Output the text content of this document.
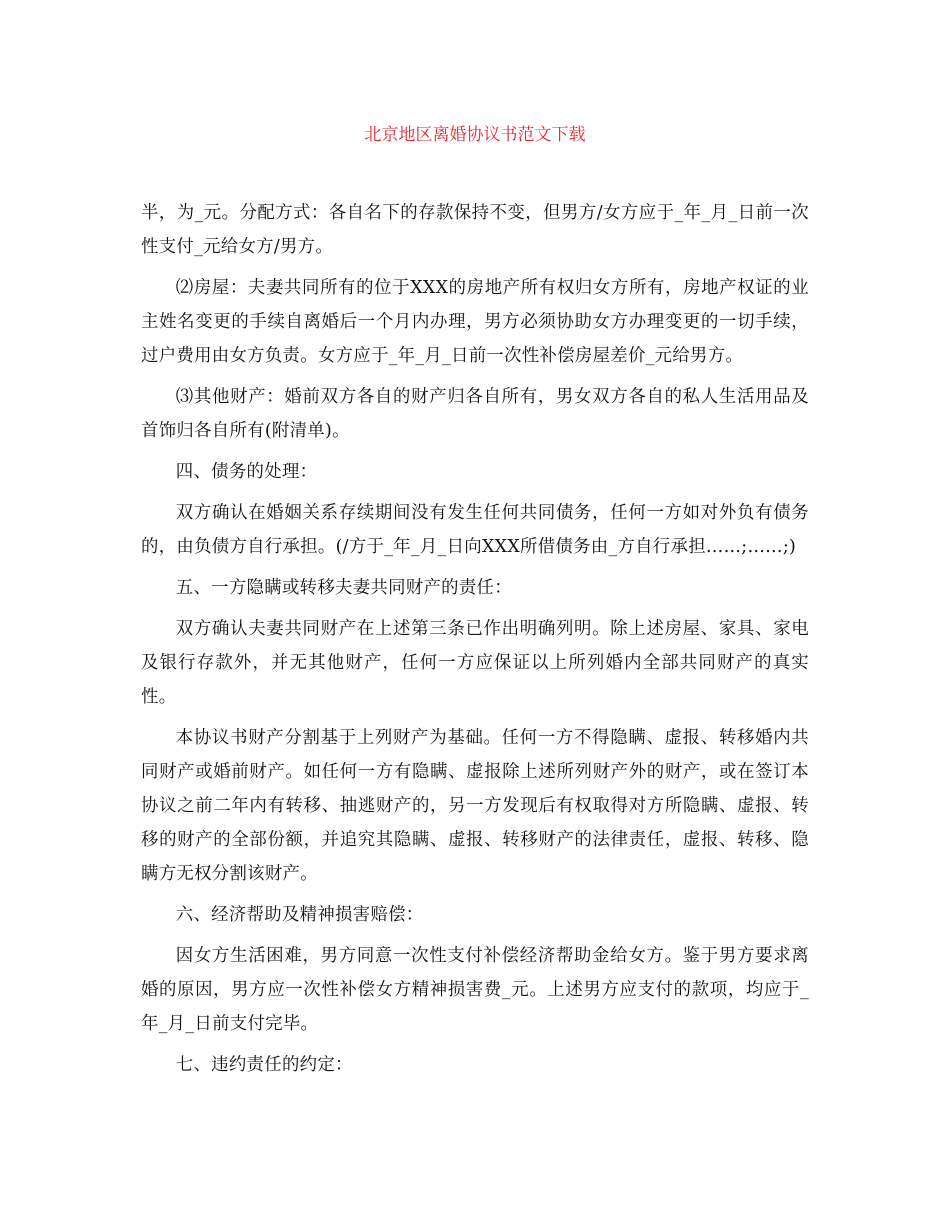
北京地区离婚协议书范文下载

半，为_元。分配方式：各自名下的存款保持不变，但男方/女方应于_年_月_日前一次性支付_元给女方/男方。

⑵房屋：夫妻共同所有的位于XXX的房地产所有权归女方所有，房地产权证的业主姓名变更的手续自离婚后一个月内办理，男方必须协助女方办理变更的一切手续，过户费用由女方负责。女方应于_年_月_日前一次性补偿房屋差价_元给男方。

⑶其他财产：婚前双方各自的财产归各自所有，男女双方各自的私人生活用品及首饰归各自所有(附清单)。

四、债务的处理：

双方确认在婚姻关系存续期间没有发生任何共同债务，任何一方如对外负有债务的，由负债方自行承担。(/方于_年_月_日向XXX所借债务由_方自行承担……;……;)

五、一方隐瞒或转移夫妻共同财产的责任：

双方确认夫妻共同财产在上述第三条已作出明确列明。除上述房屋、家具、家电及银行存款外，并无其他财产，任何一方应保证以上所列婚内全部共同财产的真实性。

本协议书财产分割基于上列财产为基础。任何一方不得隐瞒、虚报、转移婚内共同财产或婚前财产。如任何一方有隐瞒、虚报除上述所列财产外的财产，或在签订本协议之前二年内有转移、抽逃财产的，另一方发现后有权取得对方所隐瞒、虚报、转移的财产的全部份额，并追究其隐瞒、虚报、转移财产的法律责任，虚报、转移、隐瞒方无权分割该财产。

六、经济帮助及精神损害赔偿：

因女方生活困难，男方同意一次性支付补偿经济帮助金给女方。鉴于男方要求离婚的原因，男方应一次性补偿女方精神损害费_元。上述男方应支付的款项，均应于_年_月_日前支付完毕。

七、违约责任的约定：
